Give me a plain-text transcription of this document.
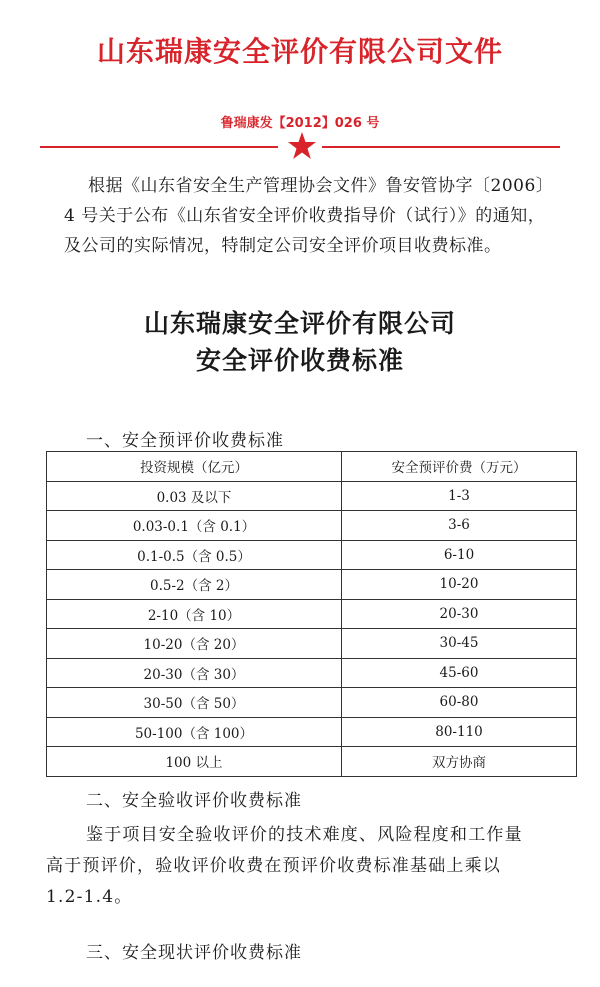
山东瑞康安全评价有限公司文件
鲁瑞康发【2012】026 号
根据《山东省安全生产管理协会文件》鲁安管协字〔2006〕
4 号关于公布《山东省安全评价收费指导价（试行）》的通知，
及公司的实际情况，特制定公司安全评价项目收费标准。
山东瑞康安全评价有限公司
安全评价收费标准
一、安全预评价收费标准
投资规模（亿元）	安全预评价费（万元）
0.03 及以下	1-3
0.03-0.1（含 0.1）	3-6
0.1-0.5（含 0.5）	6-10
0.5-2（含 2）	10-20
2-10（含 10）	20-30
10-20（含 20）	30-45
20-30（含 30）	45-60
30-50（含 50）	60-80
50-100（含 100）	80-110
100 以上	双方协商
二、安全验收评价收费标准
鉴于项目安全验收评价的技术难度、风险程度和工作量
高于预评价，验收评价收费在预评价收费标准基础上乘以
1.2-1.4。
三、安全现状评价收费标准
